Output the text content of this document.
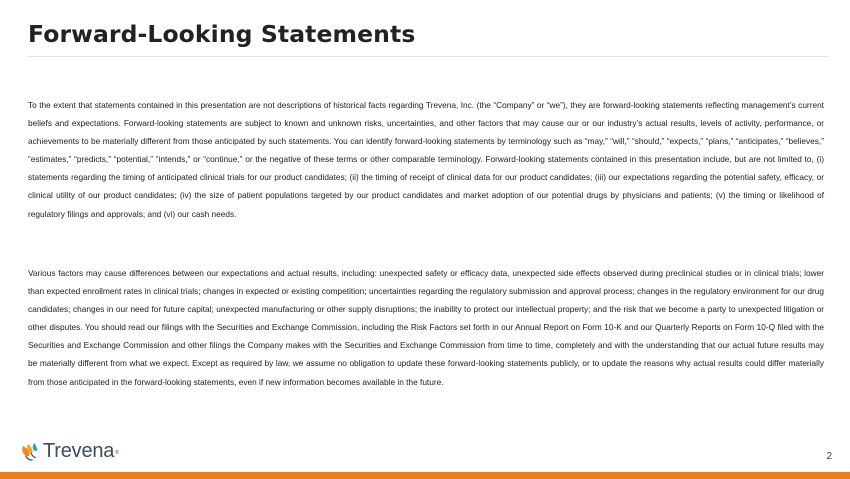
Forward-Looking Statements

To the extent that statements contained in this presentation are not descriptions of historical facts regarding Trevena, Inc. (the “Company” or “we”), they are forward-looking statements reflecting management’s current beliefs and expectations. Forward-looking statements are subject to known and unknown risks, uncertainties, and other factors that may cause our or our industry’s actual results, levels of activity, performance, or achievements to be materially different from those anticipated by such statements. You can identify forward-looking statements by terminology such as “may,” “will,” “should,” “expects,” “plans,” “anticipates,” “believes,” “estimates,” “predicts,” “potential,” “intends,” or “continue,” or the negative of these terms or other comparable terminology. Forward-looking statements contained in this presentation include, but are not limited to, (i) statements regarding the timing of anticipated clinical trials for our product candidates; (ii) the timing of receipt of clinical data for our product candidates; (iii) our expectations regarding the potential safety, efficacy, or clinical utility of our product candidates; (iv) the size of patient populations targeted by our product candidates and market adoption of our potential drugs by physicians and patients; (v) the timing or likelihood of regulatory filings and approvals; and (vi) our cash needs.

Various factors may cause differences between our expectations and actual results, including: unexpected safety or efficacy data, unexpected side effects observed during preclinical studies or in clinical trials; lower than expected enrollment rates in clinical trials; changes in expected or existing competition; uncertainties regarding the regulatory submission and approval process; changes in the regulatory environment for our drug candidates; changes in our need for future capital; unexpected manufacturing or other supply disruptions; the inability to protect our intellectual property; and the risk that we become a party to unexpected litigation or other disputes. You should read our filings with the Securities and Exchange Commission, including the Risk Factors set forth in our Annual Report on Form 10-K and our Quarterly Reports on Form 10-Q filed with the Securities and Exchange Commission and other filings the Company makes with the Securities and Exchange Commission from time to time, completely and with the understanding that our actual future results may be materially different from what we expect. Except as required by law, we assume no obligation to update these forward-looking statements publicly, or to update the reasons why actual results could differ materially from those anticipated in the forward-looking statements, even if new information becomes available in the future.

Trevena ®	2
